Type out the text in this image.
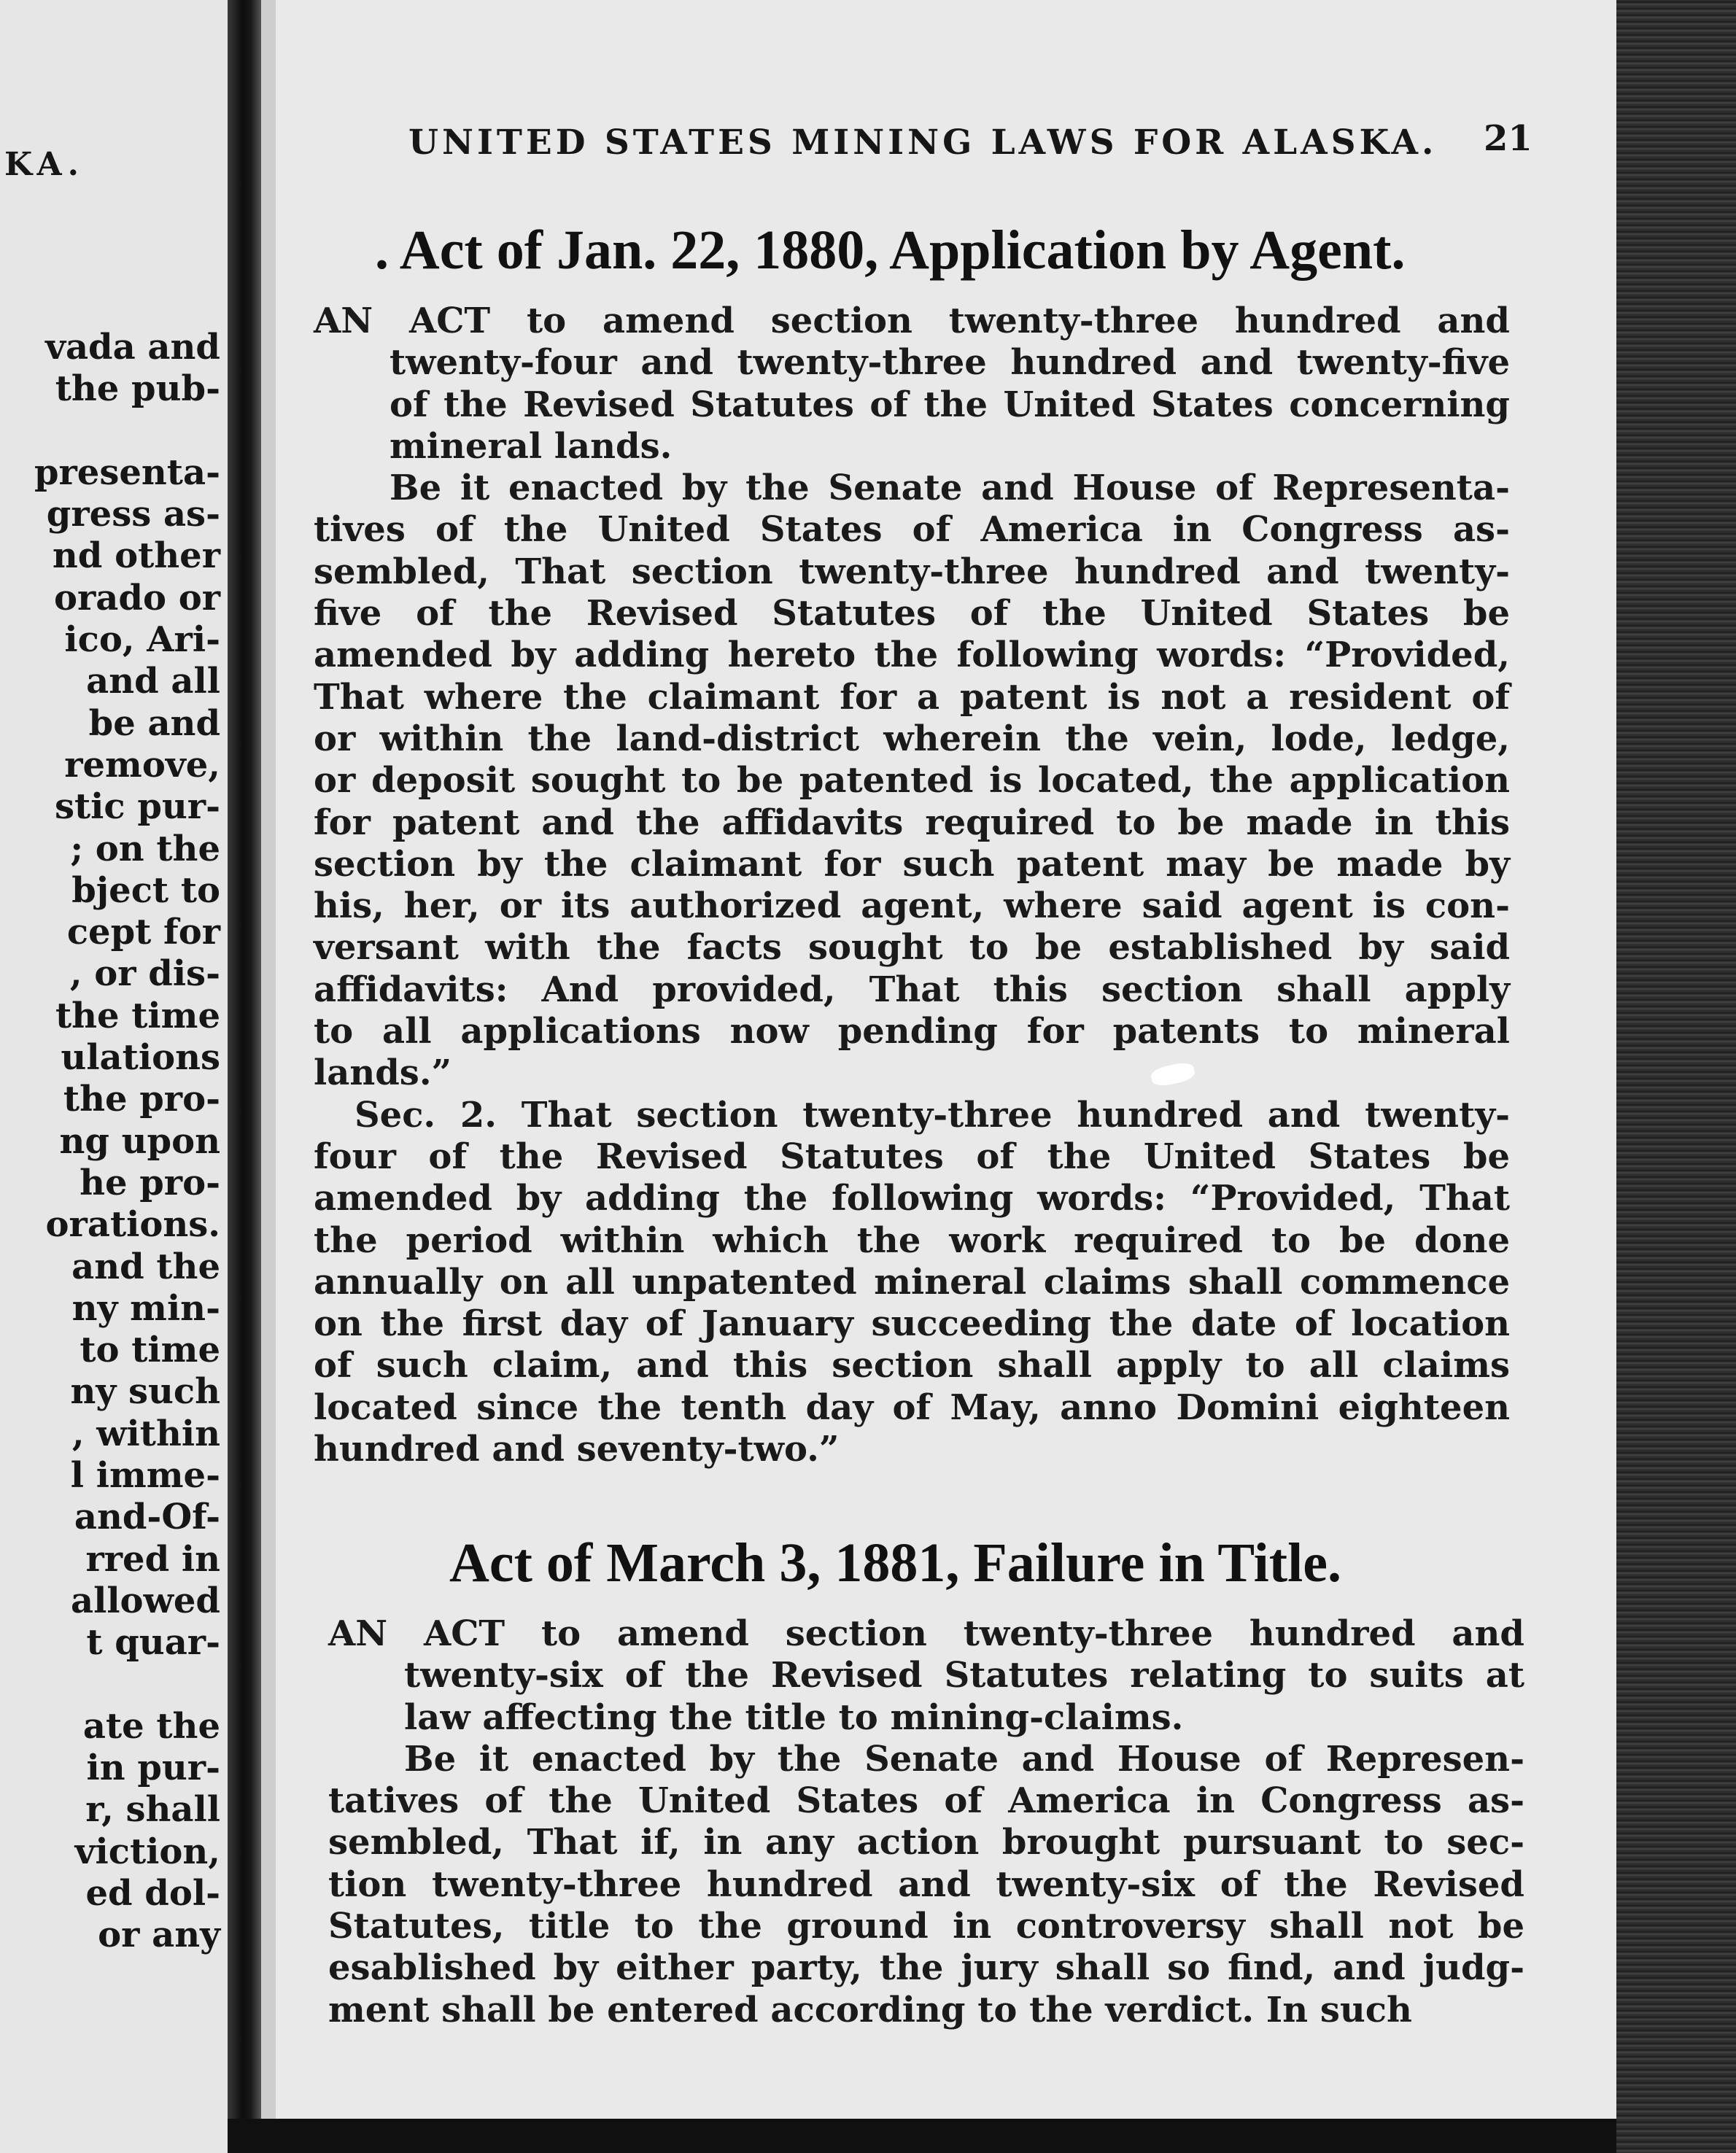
KA.
vada and
the pub-
presenta-
gress as-
nd other
orado or
ico, Ari-
and all
be and
remove,
stic pur-
; on the
bject to
cept for
, or dis-
the time
ulations
the pro-
ng upon
he pro-
orations.
and the
ny min-
to time
ny such
, within
l imme-
and-Of-
rred in
allowed
t quar-
ate the
in pur-
r, shall
viction,
ed dol-
or any
UNITED STATES MINING LAWS FOR ALASKA. 21
. Act of Jan. 22, 1880, Application by Agent.
AN ACT to amend section twenty-three hundred and
twenty-four and twenty-three hundred and twenty-five
of the Revised Statutes of the United States concerning
mineral lands.
Be it enacted by the Senate and House of Representa-
tives of the United States of America in Congress as-
sembled, That section twenty-three hundred and twenty-
five of the Revised Statutes of the United States be
amended by adding hereto the following words: “Provided,
That where the claimant for a patent is not a resident of
or within the land-district wherein the vein, lode, ledge,
or deposit sought to be patented is located, the application
for patent and the affidavits required to be made in this
section by the claimant for such patent may be made by
his, her, or its authorized agent, where said agent is con-
versant with the facts sought to be established by said
affidavits: And provided, That this section shall apply
to all applications now pending for patents to mineral
lands.”
Sec. 2. That section twenty-three hundred and twenty-
four of the Revised Statutes of the United States be
amended by adding the following words: “Provided, That
the period within which the work required to be done
annually on all unpatented mineral claims shall commence
on the first day of January succeeding the date of location
of such claim, and this section shall apply to all claims
located since the tenth day of May, anno Domini eighteen
hundred and seventy-two.”
Act of March 3, 1881, Failure in Title.
AN ACT to amend section twenty-three hundred and
twenty-six of the Revised Statutes relating to suits at
law affecting the title to mining-claims.
Be it enacted by the Senate and House of Represen-
tatives of the United States of America in Congress as-
sembled, That if, in any action brought pursuant to sec-
tion twenty-three hundred and twenty-six of the Revised
Statutes, title to the ground in controversy shall not be
esablished by either party, the jury shall so find, and judg-
ment shall be entered according to the verdict. In such
